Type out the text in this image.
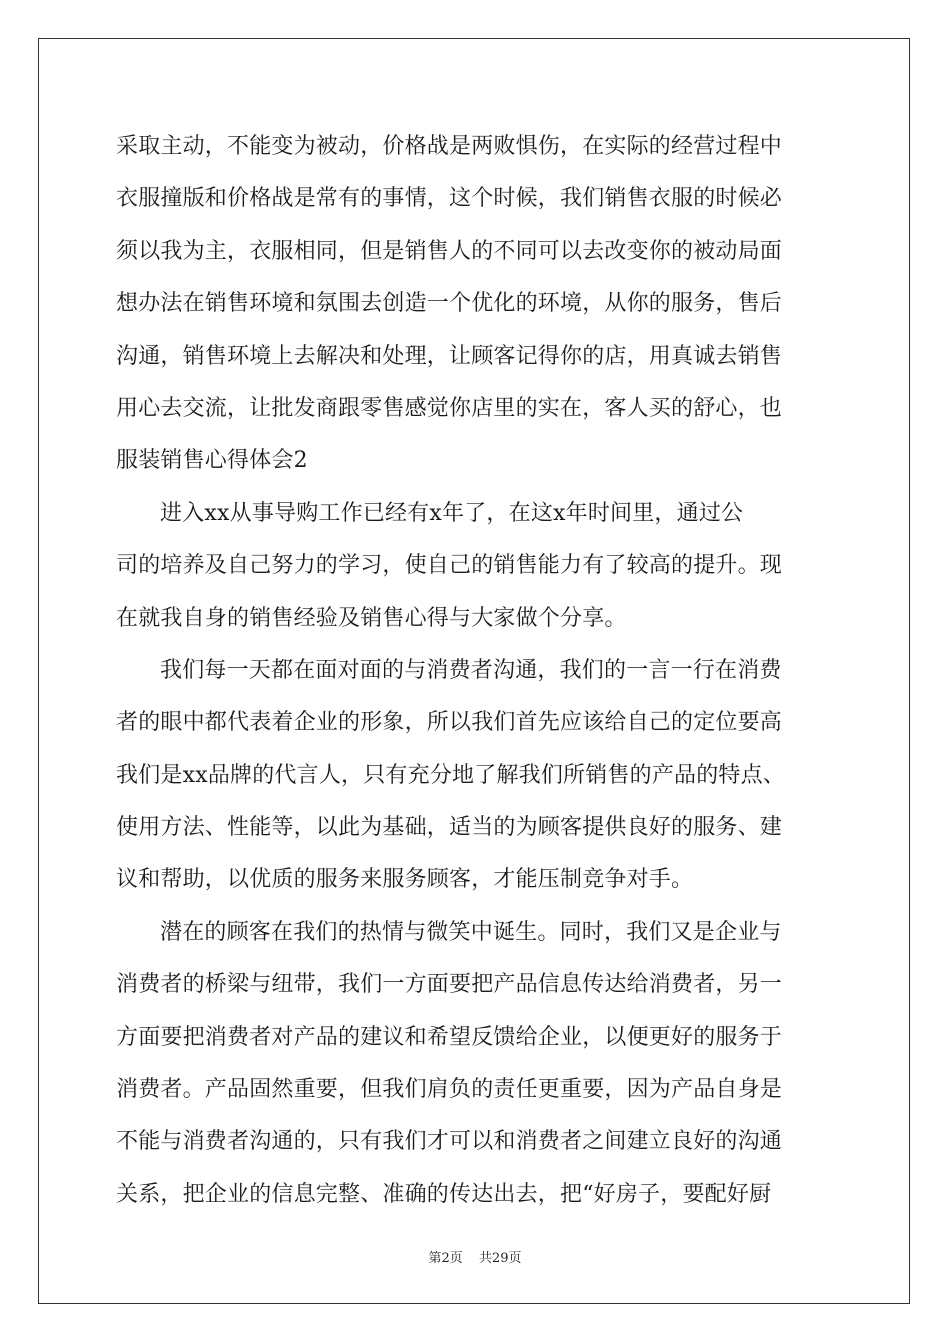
采取主动，不能变为被动，价格战是两败惧伤，在实际的经营过程中
衣服撞版和价格战是常有的事情，这个时候，我们销售衣服的时候必
须以我为主，衣服相同，但是销售人的不同可以去改变你的被动局面
想办法在销售环境和氛围去创造一个优化的环境，从你的服务，售后
沟通，销售环境上去解决和处理，让顾客记得你的店，用真诚去销售
用心去交流，让批发商跟零售感觉你店里的实在，客人买的舒心，也
服装销售心得体会2
进入xx从事导购工作已经有x年了，在这x年时间里，通过公
司的培养及自己努力的学习，使自己的销售能力有了较高的提升。现
在就我自身的销售经验及销售心得与大家做个分享。
我们每一天都在面对面的与消费者沟通，我们的一言一行在消费
者的眼中都代表着企业的形象，所以我们首先应该给自己的定位要高
我们是xx品牌的代言人，只有充分地了解我们所销售的产品的特点、
使用方法、性能等，以此为基础，适当的为顾客提供良好的服务、建
议和帮助，以优质的服务来服务顾客，才能压制竞争对手。
潜在的顾客在我们的热情与微笑中诞生。同时，我们又是企业与
消费者的桥梁与纽带，我们一方面要把产品信息传达给消费者，另一
方面要把消费者对产品的建议和希望反馈给企业，以便更好的服务于
消费者。产品固然重要，但我们肩负的责任更重要，因为产品自身是
不能与消费者沟通的，只有我们才可以和消费者之间建立良好的沟通
关系，把企业的信息完整、准确的传达出去，把“好房子，要配好厨
第2页 共29页
